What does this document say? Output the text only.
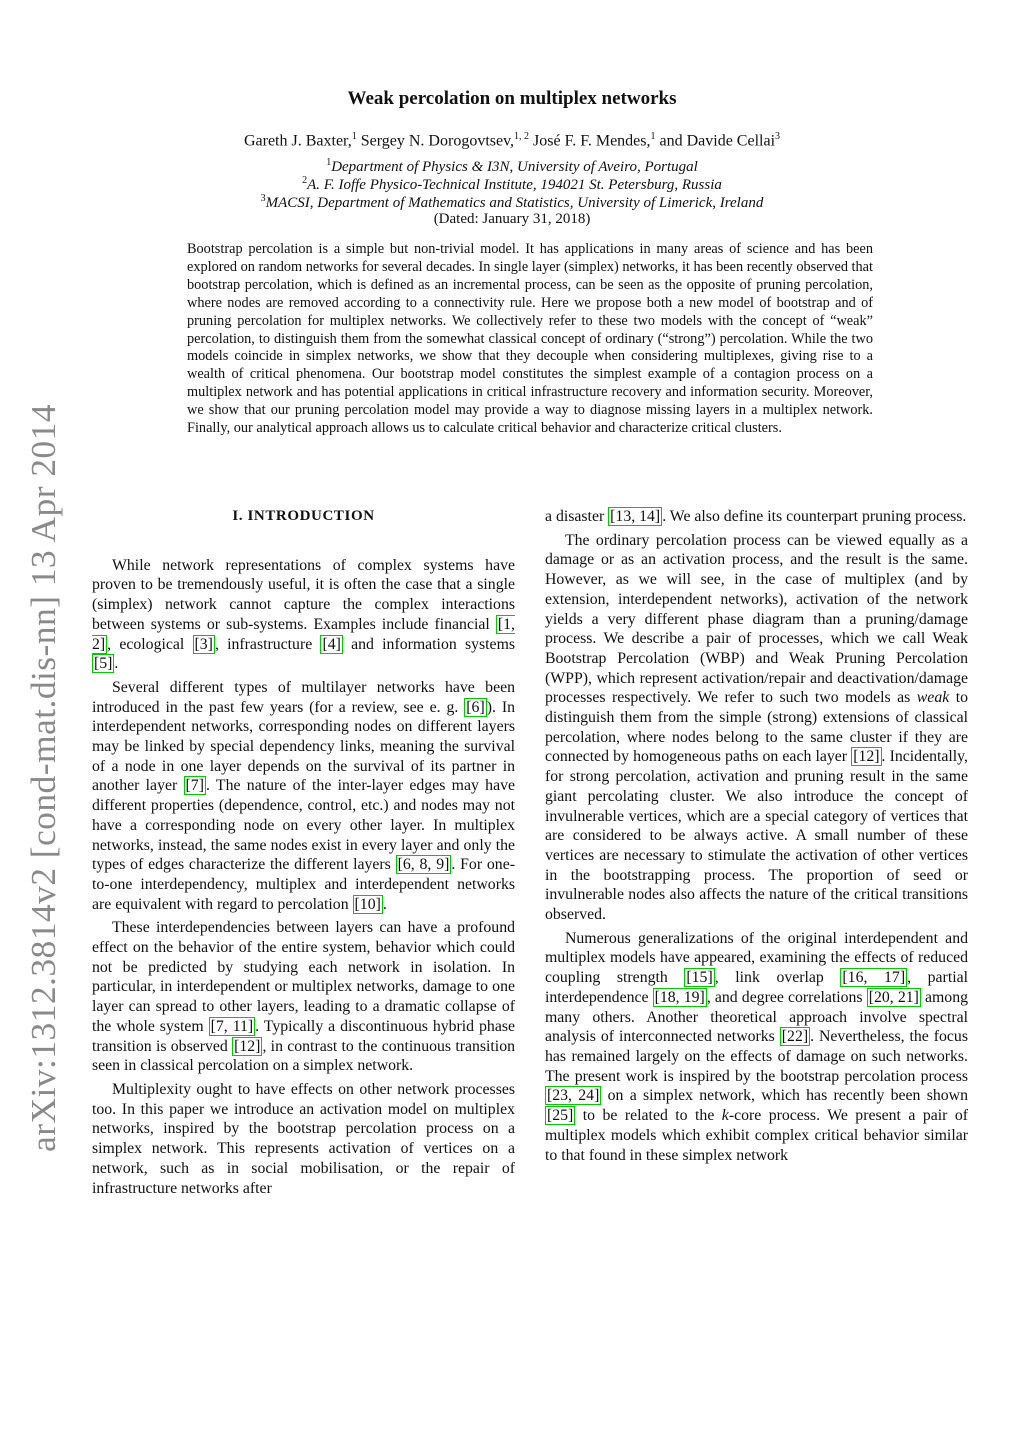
arXiv:1312.3814v2 [cond-mat.dis-nn] 13 Apr 2014
Weak percolation on multiplex networks
Gareth J. Baxter,$^1$ Sergey N. Dorogovtsev,$^{1, 2}$ José F. F. Mendes,$^1$ and Davide Cellai$^3$
$^1$Department of Physics & I3N, University of Aveiro, Portugal
$^2$A. F. Ioffe Physico-Technical Institute, 194021 St. Petersburg, Russia
$^3$MACSI, Department of Mathematics and Statistics, University of Limerick, Ireland
(Dated: January 31, 2018)
Bootstrap percolation is a simple but non-trivial model. It has applications in many areas of science and has been explored on random networks for several decades. In single layer (simplex) networks, it has been recently observed that bootstrap percolation, which is defined as an incremental process, can be seen as the opposite of pruning percolation, where nodes are removed according to a connectivity rule. Here we propose both a new model of bootstrap and of pruning percolation for multiplex networks. We collectively refer to these two models with the concept of “weak” percolation, to distinguish them from the somewhat classical concept of ordinary (“strong”) percolation. While the two models coincide in simplex networks, we show that they decouple when considering multiplexes, giving rise to a wealth of critical phenomena. Our bootstrap model constitutes the simplest example of a contagion process on a multiplex network and has potential applications in critical infrastructure recovery and information security. Moreover, we show that our pruning percolation model may provide a way to diagnose missing layers in a multiplex network. Finally, our analytical approach allows us to calculate critical behavior and characterize critical clusters.
I. INTRODUCTION

While network representations of complex systems have proven to be tremendously useful, it is often the case that a single (simplex) network cannot capture the complex interactions between systems or sub-systems. Examples include financial [1, 2] , ecological [3] , infrastructure [4] and information systems [5] .

Several different types of multilayer networks have been introduced in the past few years (for a review, see e. g. [6] ). In interdependent networks, corresponding nodes on different layers may be linked by special dependency links, meaning the survival of a node in one layer depends on the survival of its partner in another layer [7] . The nature of the inter-layer edges may have different properties (dependence, control, etc.) and nodes may not have a corresponding node on every other layer. In multiplex networks, instead, the same nodes exist in every layer and only the types of edges characterize the different layers [6, 8, 9] . For one-to-one interdependency, multiplex and interdependent networks are equivalent with regard to percolation [10] .

These interdependencies between layers can have a profound effect on the behavior of the entire system, behavior which could not be predicted by studying each network in isolation. In particular, in interdependent or multiplex networks, damage to one layer can spread to other layers, leading to a dramatic collapse of the whole system [7, 11] . Typically a discontinuous hybrid phase transition is observed [12] , in contrast to the continuous transition seen in classical percolation on a simplex network.

Multiplexity ought to have effects on other network processes too. In this paper we introduce an activation model on multiplex networks, inspired by the bootstrap percolation process on a simplex network. This represents activation of vertices on a network, such as in social mobilisation, or the repair of infrastructure networks after

a disaster [13, 14] . We also define its counterpart pruning process.

The ordinary percolation process can be viewed equally as a damage or as an activation process, and the result is the same. However, as we will see, in the case of multiplex (and by extension, interdependent networks), activation of the network yields a very different phase diagram than a pruning/damage process. We describe a pair of processes, which we call Weak Bootstrap Percolation (WBP) and Weak Pruning Percolation (WPP), which represent activation/repair and deactivation/damage processes respectively. We refer to such two models as weak to distinguish them from the simple (strong) extensions of classical percolation, where nodes belong to the same cluster if they are connected by homogeneous paths on each layer [12] . Incidentally, for strong percolation, activation and pruning result in the same giant percolating cluster. We also introduce the concept of invulnerable vertices, which are a special category of vertices that are considered to be always active. A small number of these vertices are necessary to stimulate the activation of other vertices in the bootstrapping process. The proportion of seed or invulnerable nodes also affects the nature of the critical transitions observed.

Numerous generalizations of the original interdependent and multiplex models have appeared, examining the effects of reduced coupling strength [15] , link overlap [16, 17] , partial interdependence [18, 19] , and degree correlations [20, 21] among many others. Another theoretical approach involve spectral analysis of interconnected networks [22] . Nevertheless, the focus has remained largely on the effects of damage on such networks. The present work is inspired by the bootstrap percolation process [23, 24] on a simplex network, which has recently been shown [25] to be related to the k-core process. We present a pair of multiplex models which exhibit complex critical behavior similar to that found in these simplex network
